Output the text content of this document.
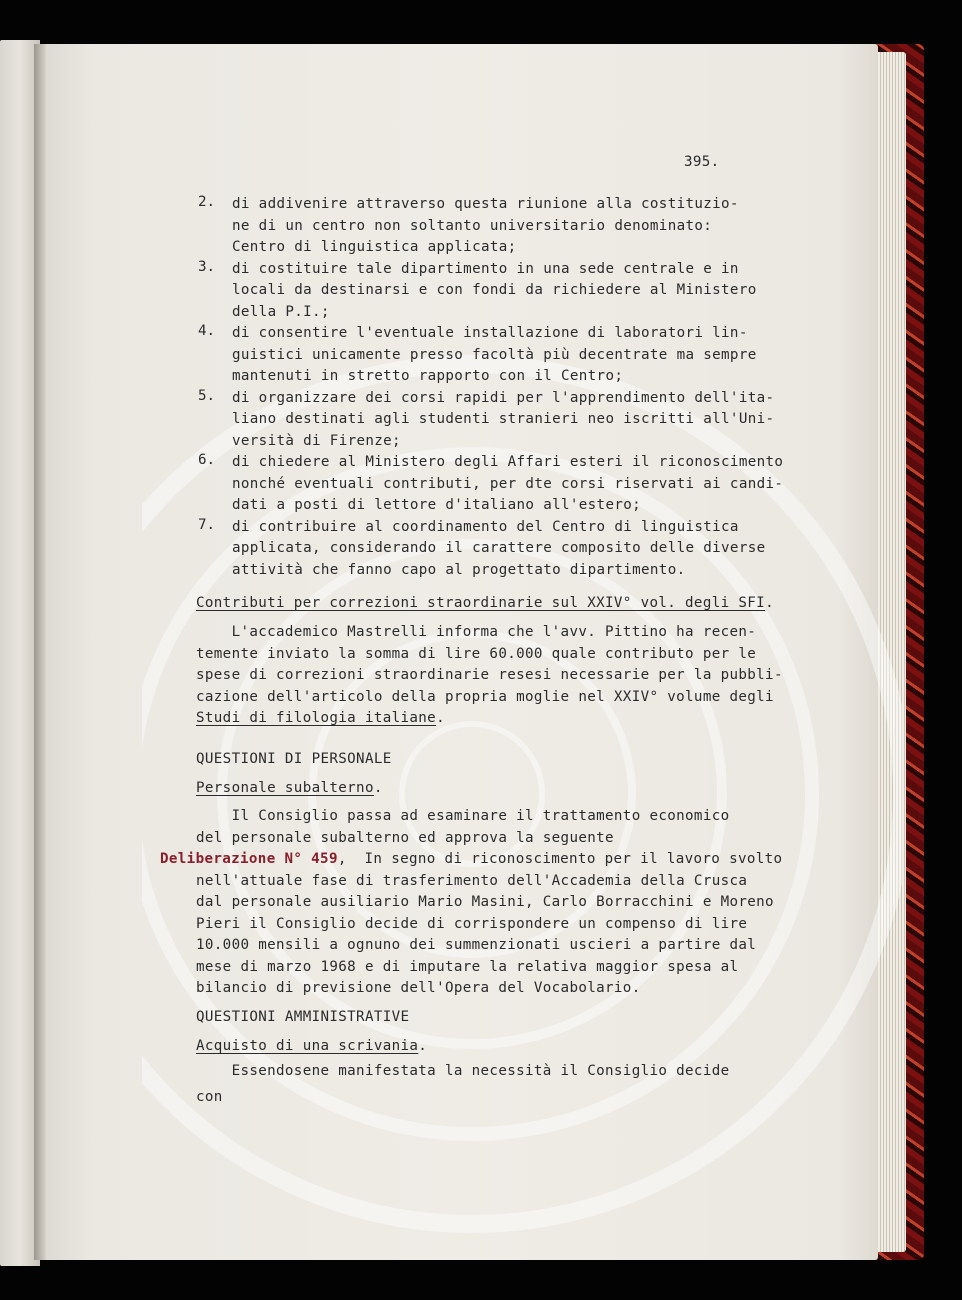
395.
2. di addivenire attraverso questa riunione alla costituzio-
ne di un centro non soltanto universitario denominato:
Centro di linguistica applicata;
3. di costituire tale dipartimento in una sede centrale e in
locali da destinarsi e con fondi da richiedere al Ministero
della P.I.;
4. di consentire l'eventuale installazione di laboratori lin-
guistici unicamente presso facoltà più decentrate ma sempre
mantenuti in stretto rapporto con il Centro;
5. di organizzare dei corsi rapidi per l'apprendimento dell'ita-
liano destinati agli studenti stranieri neo iscritti all'Uni-
versità di Firenze;
6. di chiedere al Ministero degli Affari esteri il riconoscimento
nonché eventuali contributi, per dte corsi riservati ai candi-
dati a posti di lettore d'italiano all'estero;
7. di contribuire al coordinamento del Centro di linguistica
applicata, considerando il carattere composito delle diverse
attività che fanno capo al progettato dipartimento.
Contributi per correzioni straordinarie sul XXIV° vol. degli SFI.
L'accademico Mastrelli informa che l'avv. Pittino ha recen-
temente inviato la somma di lire 60.000 quale contributo per le
spese di correzioni straordinarie resesi necessarie per la pubbli-
cazione dell'articolo della propria moglie nel XXIV° volume degli
Studi di filologia italiane.
QUESTIONI DI PERSONALE
Personale subalterno.
Il Consiglio passa ad esaminare il trattamento economico
del personale subalterno ed approva la seguente
Deliberazione N° 459,  In segno di riconoscimento per il lavoro svolto
nell'attuale fase di trasferimento dell'Accademia della Crusca
dal personale ausiliario Mario Masini, Carlo Borracchini e Moreno
Pieri il Consiglio decide di corrispondere un compenso di lire
10.000 mensili a ognuno dei summenzionati uscieri a partire dal
mese di marzo 1968 e di imputare la relativa maggior spesa al
bilancio di previsione dell'Opera del Vocabolario.
QUESTIONI AMMINISTRATIVE
Acquisto di una scrivania.
Essendosene manifestata la necessità il Consiglio decide
con
